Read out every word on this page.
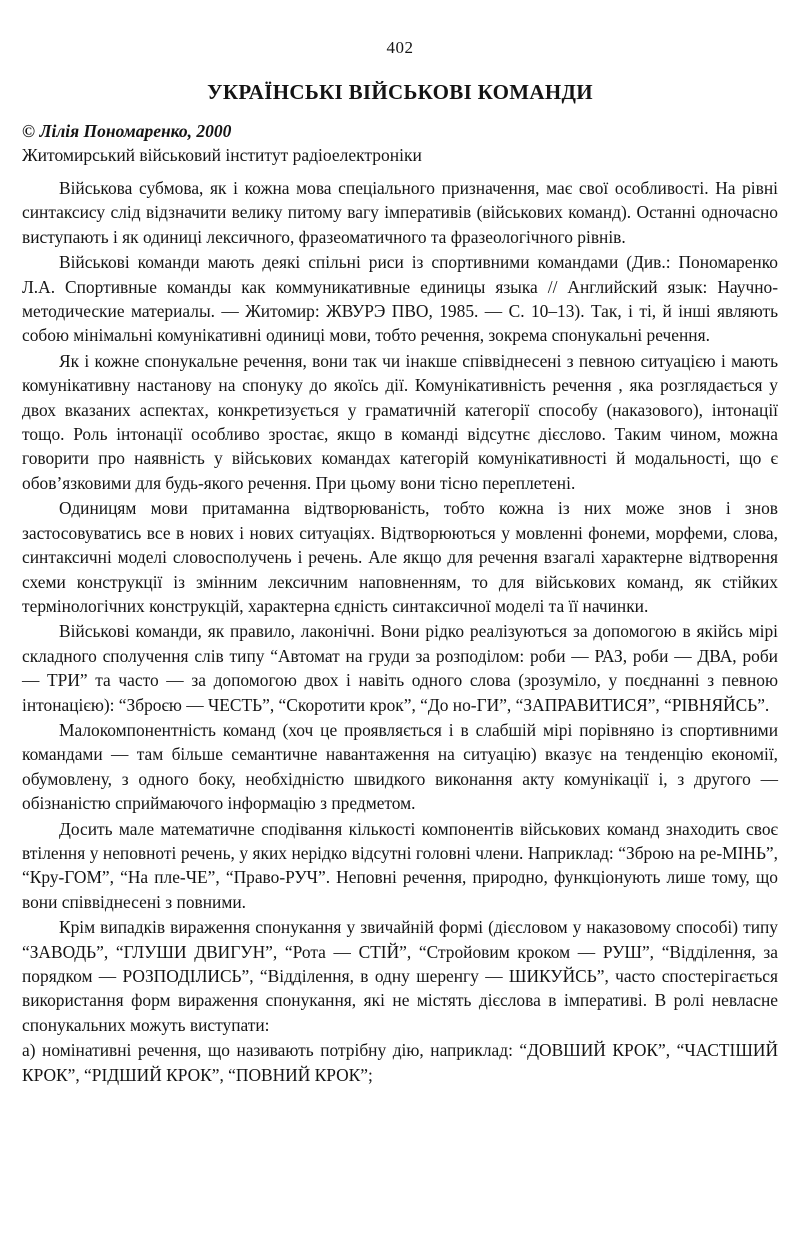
402
УКРАЇНСЬКІ ВІЙСЬКОВІ КОМАНДИ
© Лілія Пономаренко, 2000
Житомирський військовий інститут радіоелектроніки

Військова субмова, як і кожна мова спеціального призначення, має свої особливості. На рівні синтаксису слід відзначити велику питому вагу імперативів (військових команд). Останні одночасно виступають і як одиниці лексичного, фразеоматичного та фразеологічного рівнів.

Військові команди мають деякі спільні риси із спортивними командами (Див.: Пономаренко Л.А. Спортивные команды как коммуникативные единицы языка // Английский язык: Научно-методические материалы. — Житомир: ЖВУРЭ ПВО, 1985. — С. 10–13). Так, і ті, й інші являють собою мінімальні комунікативні одиниці мови, тобто речення, зокрема спонукальні речення.

Як і кожне спонукальне речення, вони так чи інакше співвіднесені з певною ситуацією і мають комунікативну настанову на спонуку до якоїсь дії. Комунікативність речення , яка розглядається у двох вказаних аспектах, конкретизується у граматичній категорії способу (наказового), інтонації тощо. Роль інтонації особливо зростає, якщо в команді відсутнє дієслово. Таким чином, можна говорити про наявність у військових командах категорій комунікативності й модальності, що є обов’язковими для будь-якого речення. При цьому вони тісно переплетені.

Одиницям мови притаманна відтворюваність, тобто кожна із них може знов і знов застосовуватись все в нових і нових ситуаціях. Відтворюються у мовленні фонеми, морфеми, слова, синтаксичні моделі словосполучень і речень. Але якщо для речення взагалі характерне відтворення схеми конструкції із змінним лексичним наповненням, то для військових команд, як стійких термінологічних конструкцій, характерна єдність синтаксичної моделі та її начинки.

Військові команди, як правило, лаконічні. Вони рідко реалізуються за допомогою в якійсь мірі складного сполучення слів типу “Автомат на груди за розподілом: роби — РАЗ, роби — ДВА, роби — ТРИ” та часто — за допомогою двох і навіть одного слова (зрозуміло, у поєднанні з певною інтонацією): “Зброєю — ЧЕСТЬ”, “Скоротити крок”, “До но-ГИ”, “ЗАПРАВИТИСЯ”, “РІВНЯЙСЬ”.

Малокомпонентність команд (хоч це проявляється і в слабшій мірі порівняно із спортивними командами — там більше семантичне навантаження на ситуацію) вказує на тенденцію економії, обумовлену, з одного боку, необхідністю швидкого виконання акту комунікації і, з другого — обізнаністю сприймаючого інформацію з предметом.

Досить мале математичне сподівання кількості компонентів військових команд знаходить своє втілення у неповноті речень, у яких нерідко відсутні головні члени. Наприклад: “Зброю на ре-МІНЬ”, “Кру-ГОМ”, “На пле-ЧЕ”, “Право-РУЧ”. Неповні речення, природно, функціонують лише тому, що вони співвіднесені з повними.

Крім випадків вираження спонукання у звичайній формі (дієсловом у наказовому способі) типу “ЗАВОДЬ”, “ГЛУШИ ДВИГУН”, “Рота — СТІЙ”, “Стройовим кроком — РУШ”, “Відділення, за порядком — РОЗПОДІЛИСЬ”, “Відділення, в одну шеренгу — ШИКУЙСЬ”, часто спостерігається використання форм вираження спонукання, які не містять дієслова в імперативі. В ролі невласне спонукальних можуть виступати:

а) номінативні речення, що називають потрібну дію, наприклад: “ДОВШИЙ КРОК”, “ЧАСТІШИЙ КРОК”, “РІДШИЙ КРОК”, “ПОВНИЙ КРОК”;
